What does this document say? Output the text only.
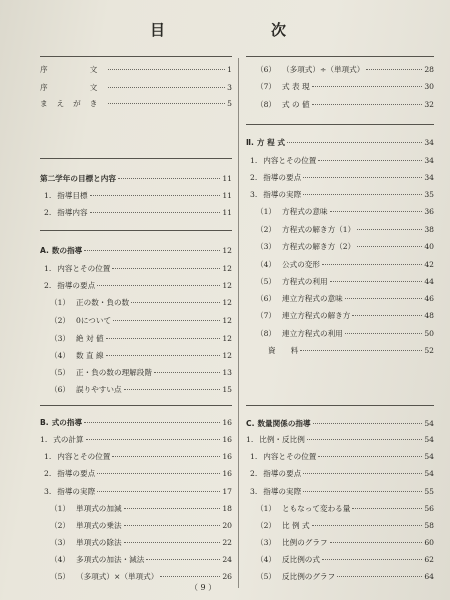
目	次
序　　文	1
序　　文	3
まえがき	5
第二学年の目標と内容	11
1. 指導目標	11
2. 指導内容	11
A. 数の指導	12
1. 内容とその位置	12
2. 指導の要点	12
（1） 正の数・負の数	12
（2） 0について	12
（3） 絶 対 値	12
（4） 数 直 線	12
（5） 正・負の数の理解段階	13
（6） 誤りやすい点	15
B. 式の指導	16
1. 式の計算	16
1. 内容とその位置	16
2. 指導の要点	16
3. 指導の実際	17
（1） 単項式の加減	18
（2） 単項式の乗法	20
（3） 単項式の除法	22
（4） 多項式の加法・減法	24
（5） （多項式）×（単項式）	26
（6） （多項式）÷（単項式）	28
（7） 式 表 現	30
（8） 式 の 値	32
Ⅱ. 方 程 式	34
1. 内容とその位置	34
2. 指導の要点	34
3. 指導の実際	35
（1） 方程式の意味	36
（2） 方程式の解き方（1）	38
（3） 方程式の解き方（2）	40
（4） 公式の変形	42
（5） 方程式の利用	44
（6） 連立方程式の意味	46
（7） 連立方程式の解き方	48
（8） 連立方程式の利用	50
資　　料	52
C. 数量関係の指導	54
1. 比例・反比例	54
1. 内容とその位置	54
2. 指導の要点	54
3. 指導の実際	55
（1） ともなって変わる量	56
（2） 比 例 式	58
（3） 比例のグラフ	60
（4） 反比例の式	62
（5） 反比例のグラフ	64
（ 9 ）
